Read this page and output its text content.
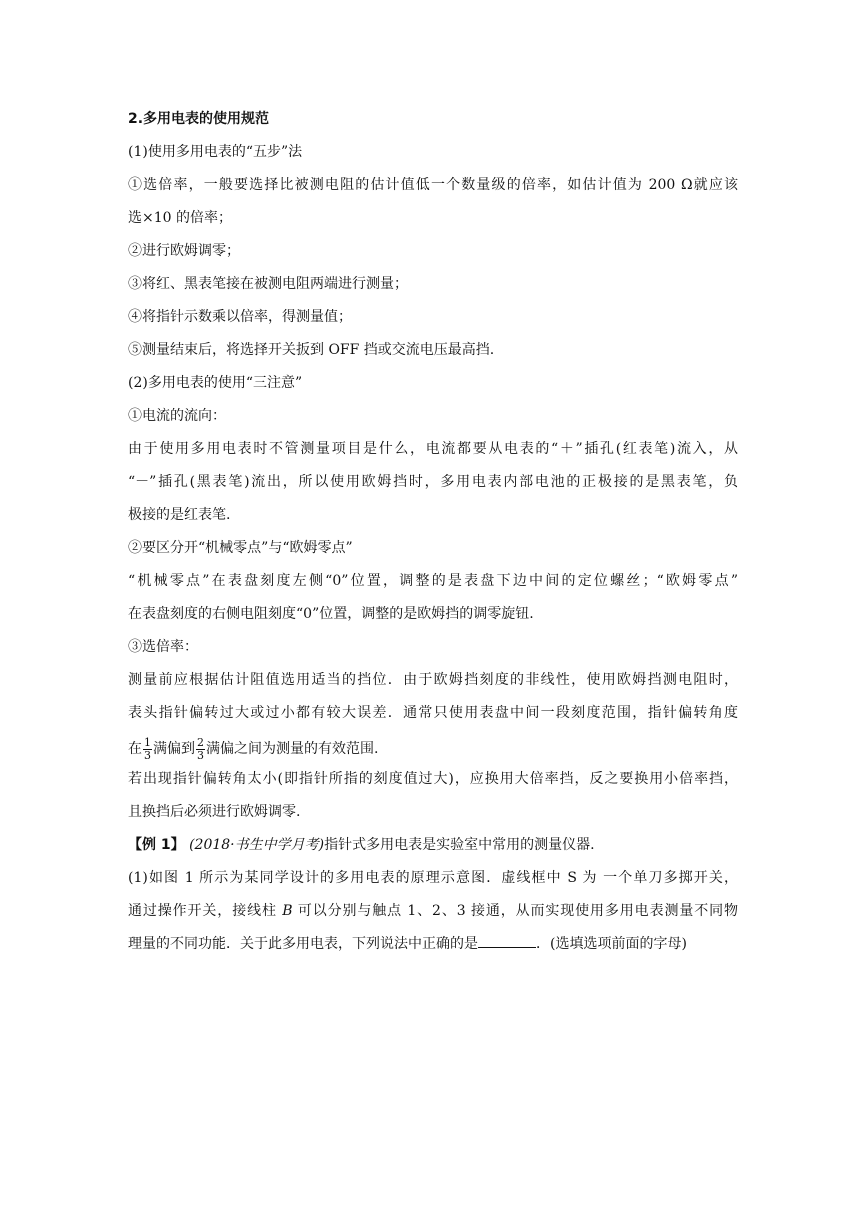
2.多用电表的使用规范
(1)使用多用电表的“五步”法
①选倍率，一般要选择比被测电阻的估计值低一个数量级的倍率，如估计值为 200 Ω就应该
选×10 的倍率；
②进行欧姆调零；
③将红、黑表笔接在被测电阻两端进行测量；
④将指针示数乘以倍率，得测量值；
⑤测量结束后，将选择开关扳到 OFF 挡或交流电压最高挡.
(2)多用电表的使用“三注意”
①电流的流向：
由于使用多用电表时不管测量项目是什么，电流都要从电表的“＋”插孔(红表笔)流入，从
“－”插孔(黑表笔)流出，所以使用欧姆挡时，多用电表内部电池的正极接的是黑表笔，负
极接的是红表笔.
②要区分开“机械零点”与“欧姆零点”
“机械零点”在表盘刻度左侧“0”位置，调整的是表盘下边中间的定位螺丝；“欧姆零点”
在表盘刻度的右侧电阻刻度“0”位置，调整的是欧姆挡的调零旋钮.
③选倍率：
测量前应根据估计阻值选用适当的挡位．由于欧姆挡刻度的非线性，使用欧姆挡测电阻时，
表头指针偏转过大或过小都有较大误差．通常只使用表盘中间一段刻度范围，指针偏转角度
在 $\frac{1}{3}$ 满偏到 $\frac{2}{3}$ 满偏之间为测量的有效范围.
若出现指针偏转角太小(即指针所指的刻度值过大)，应换用大倍率挡，反之要换用小倍率挡，
且换挡后必须进行欧姆调零.
【例 1】 (2018·书生中学月考)指针式多用电表是实验室中常用的测量仪器.
(1)如图 1 所示为某同学设计的多用电表的原理示意图．虚线框中 S 为 一个单刀多掷开关，
通过操作开关，接线柱 B 可以分别与触点 1、2、3 接通，从而实现使用多用电表测量不同物
理量的不同功能．关于此多用电表，下列说法中正确的是	．(选填选项前面的字母)
